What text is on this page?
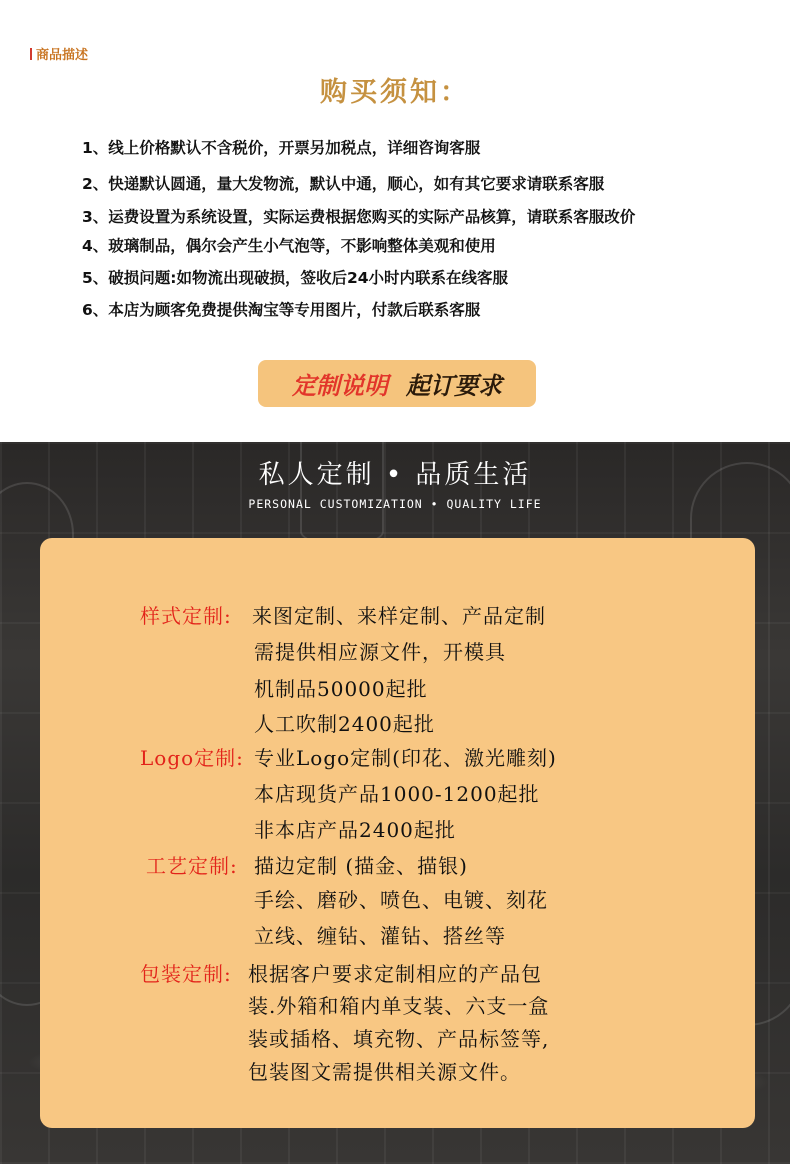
商品描述
购买须知：
1、线上价格默认不含税价，开票另加税点，详细咨询客服
2、快递默认圆通，量大发物流，默认中通，顺心，如有其它要求请联系客服
3、运费设置为系统设置，实际运费根据您购买的实际产品核算，请联系客服改价
4、玻璃制品，偶尔会产生小气泡等，不影响整体美观和使用
5、破损问题:如物流出现破损，签收后24小时内联系在线客服
6、本店为顾客免费提供淘宝等专用图片，付款后联系客服
定制说明 起订要求
私人定制 • 品质生活
PERSONAL CUSTOMIZATION • QUALITY LIFE
样式定制: 来图定制、来样定制、产品定制
需提供相应源文件，开模具
机制品50000起批
人工吹制2400起批
Logo定制: 专业Logo定制(印花、激光雕刻)
本店现货产品1000-1200起批
非本店产品2400起批
工艺定制: 描边定制 (描金、描银)
手绘、磨砂、喷色、电镀、刻花
立线、缠钻、灌钻、搭丝等
包装定制: 根据客户要求定制相应的产品包
装.外箱和箱内单支装、六支一盒
装或插格、填充物、产品标签等,
包装图文需提供相关源文件。
